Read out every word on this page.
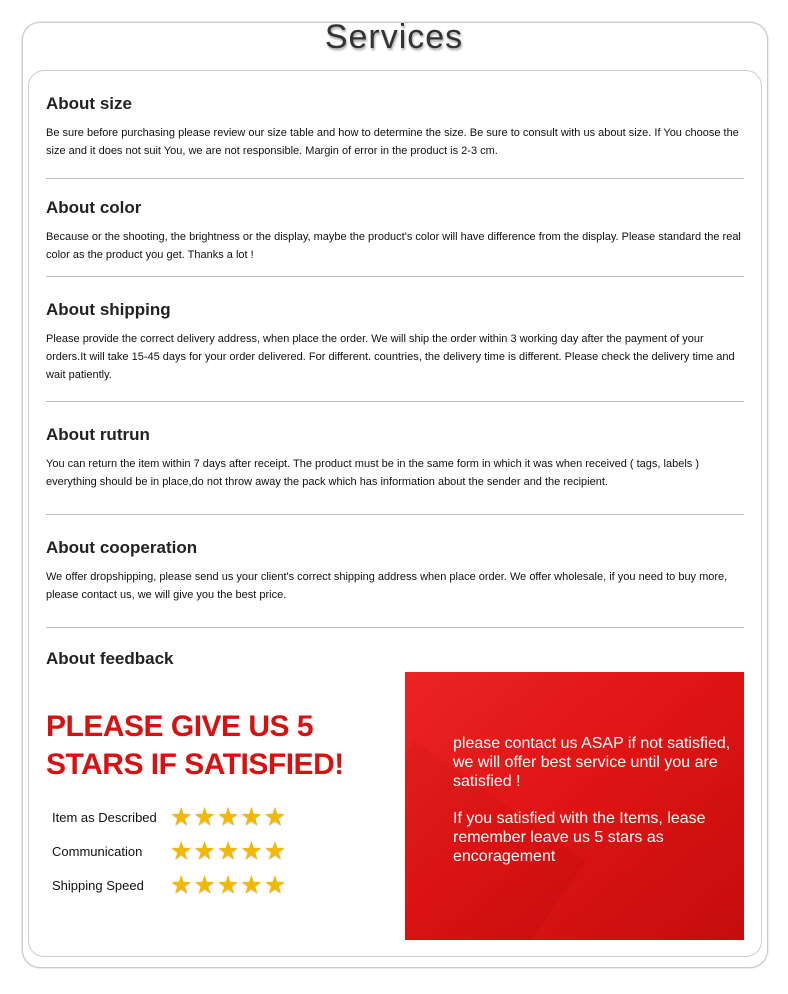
Services
About size
Be sure before purchasing please review our size table and how to determine the size. Be sure to consult with us about size. If You choose the size and it does not suit You, we are not responsible. Margin of error in the product is 2-3 cm.
About color
Because or the shooting, the brightness or the display, maybe the product's color will have difference from the display. Please standard the real color as the product you get. Thanks a lot !
About shipping
Please provide the correct delivery address, when place the order. We will ship the order within 3 working day after the payment of your orders.It will take 15-45 days for your order delivered. For different. countries, the delivery time is different. Please check the delivery time and wait patiently.
About rutrun
You can return the item within 7 days after receipt. The product must be in the same form in which it was when received ( tags, labels ) everything should be in place,do not throw away the pack which has information about the sender and the recipient.
About cooperation
We offer dropshipping, please send us your client's correct shipping address when place order. We offer wholesale, if you need to buy more, please contact us, we will give you the best price.
About feedback
PLEASE GIVE US 5 STARS IF SATISFIED!
Item as Described ★ ★ ★ ★ ★
Communication	★ ★ ★ ★ ★
Shipping Speed	★ ★ ★ ★ ★

please contact us ASAP if not satisfied, we will offer best service until you are satisfied !

If you satisfied with the Items, lease remember leave us 5 stars as encoragement
